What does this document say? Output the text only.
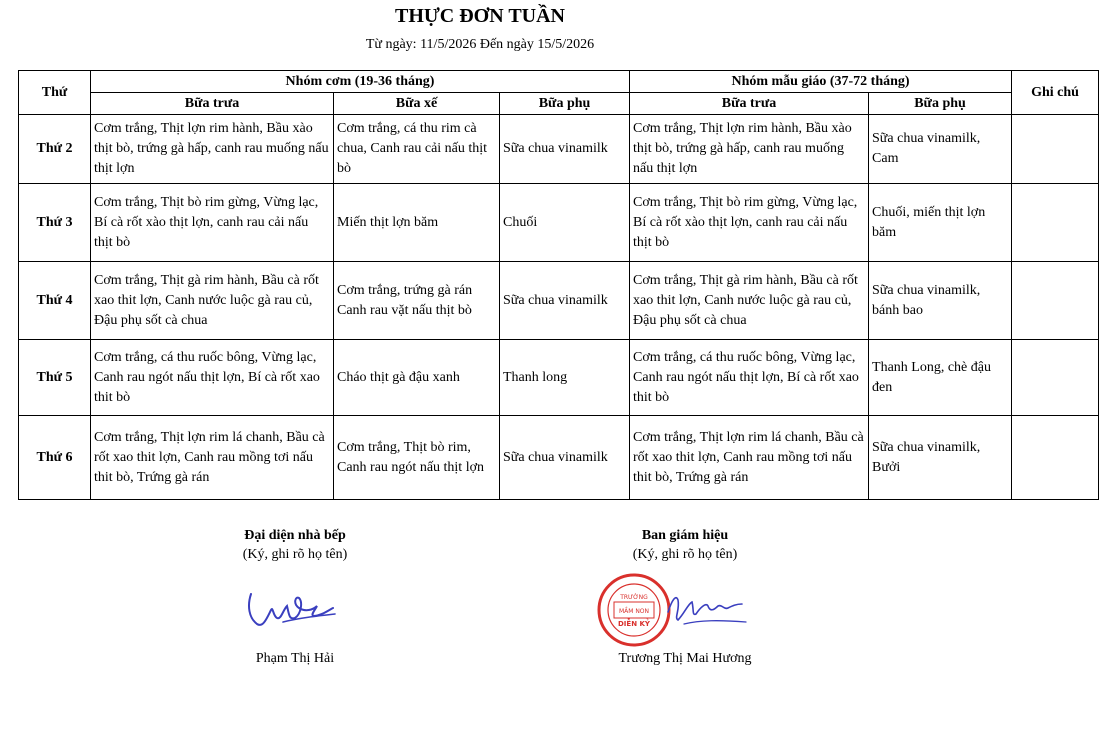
THỰC ĐƠN TUẦN
Từ ngày: 11/5/2026 Đến ngày 15/5/2026
Thứ	Nhóm cơm (19-36 tháng)			Nhóm mẫu giáo (37-72 tháng)		Ghi chú
	Bữa trưa	Bữa xế	Bữa phụ	Bữa trưa	Bữa phụ	
Thứ 2	Cơm trắng, Thịt lợn rim hành, Bầu xào thịt bò, trứng gà hấp, canh rau muống nấu thịt lợn	Cơm trắng, cá thu rim cà chua, Canh rau cải nấu thịt bò	Sữa chua vinamilk	Cơm trắng, Thịt lợn rim hành, Bầu xào thịt bò, trứng gà hấp, canh rau muống nấu thịt lợn	Sữa chua vinamilk, Cam	
Thứ 3	Cơm trắng, Thịt bò rim gừng, Vừng lạc, Bí cà rốt xào thịt lợn, canh rau cải nấu thịt bò	Miến thịt lợn băm	Chuối	Cơm trắng, Thịt bò rim gừng, Vừng lạc, Bí cà rốt xào thịt lợn, canh rau cải nấu thịt bò	Chuối, miến thịt lợn băm	
Thứ 4	Cơm trắng, Thịt gà rim hành, Bầu cà rốt xao thit lợn, Canh nước luộc gà rau củ, Đậu phụ sốt cà chua	Cơm trắng, trứng gà rán Canh rau vặt nấu thịt bò	Sữa chua vinamilk	Cơm trắng, Thịt gà rim hành, Bầu cà rốt xao thit lợn, Canh nước luộc gà rau củ, Đậu phụ sốt cà chua	Sữa chua vinamilk, bánh bao	
Thứ 5	Cơm trắng, cá thu ruốc bông, Vừng lạc, Canh rau ngót nấu thịt lợn, Bí cà rốt xao thit bò	Cháo thịt gà đậu xanh	Thanh long	Cơm trắng, cá thu ruốc bông, Vừng lạc, Canh rau ngót nấu thịt lợn, Bí cà rốt xao thit bò	Thanh Long, chè đậu đen	
Thứ 6	Cơm trắng, Thịt lợn rim lá chanh, Bầu cà rốt xao thit lợn, Canh rau mồng tơi nấu thit bò, Trứng gà rán	Cơm trắng, Thịt bò rim, Canh rau ngót nấu thịt lợn	Sữa chua vinamilk	Cơm trắng, Thịt lợn rim lá chanh, Bầu cà rốt xao thit lợn, Canh rau mồng tơi nấu thit bò, Trứng gà rán	Sữa chua vinamilk, Bưởi	
Đại diện nhà bếp
(Ký, ghi rõ họ tên)
Phạm Thị Hải
Ban giám hiệu
(Ký, ghi rõ họ tên)
Trương Thị Mai Hương
TRƯỜNG
MẦM NON
DIỄN KỶ
